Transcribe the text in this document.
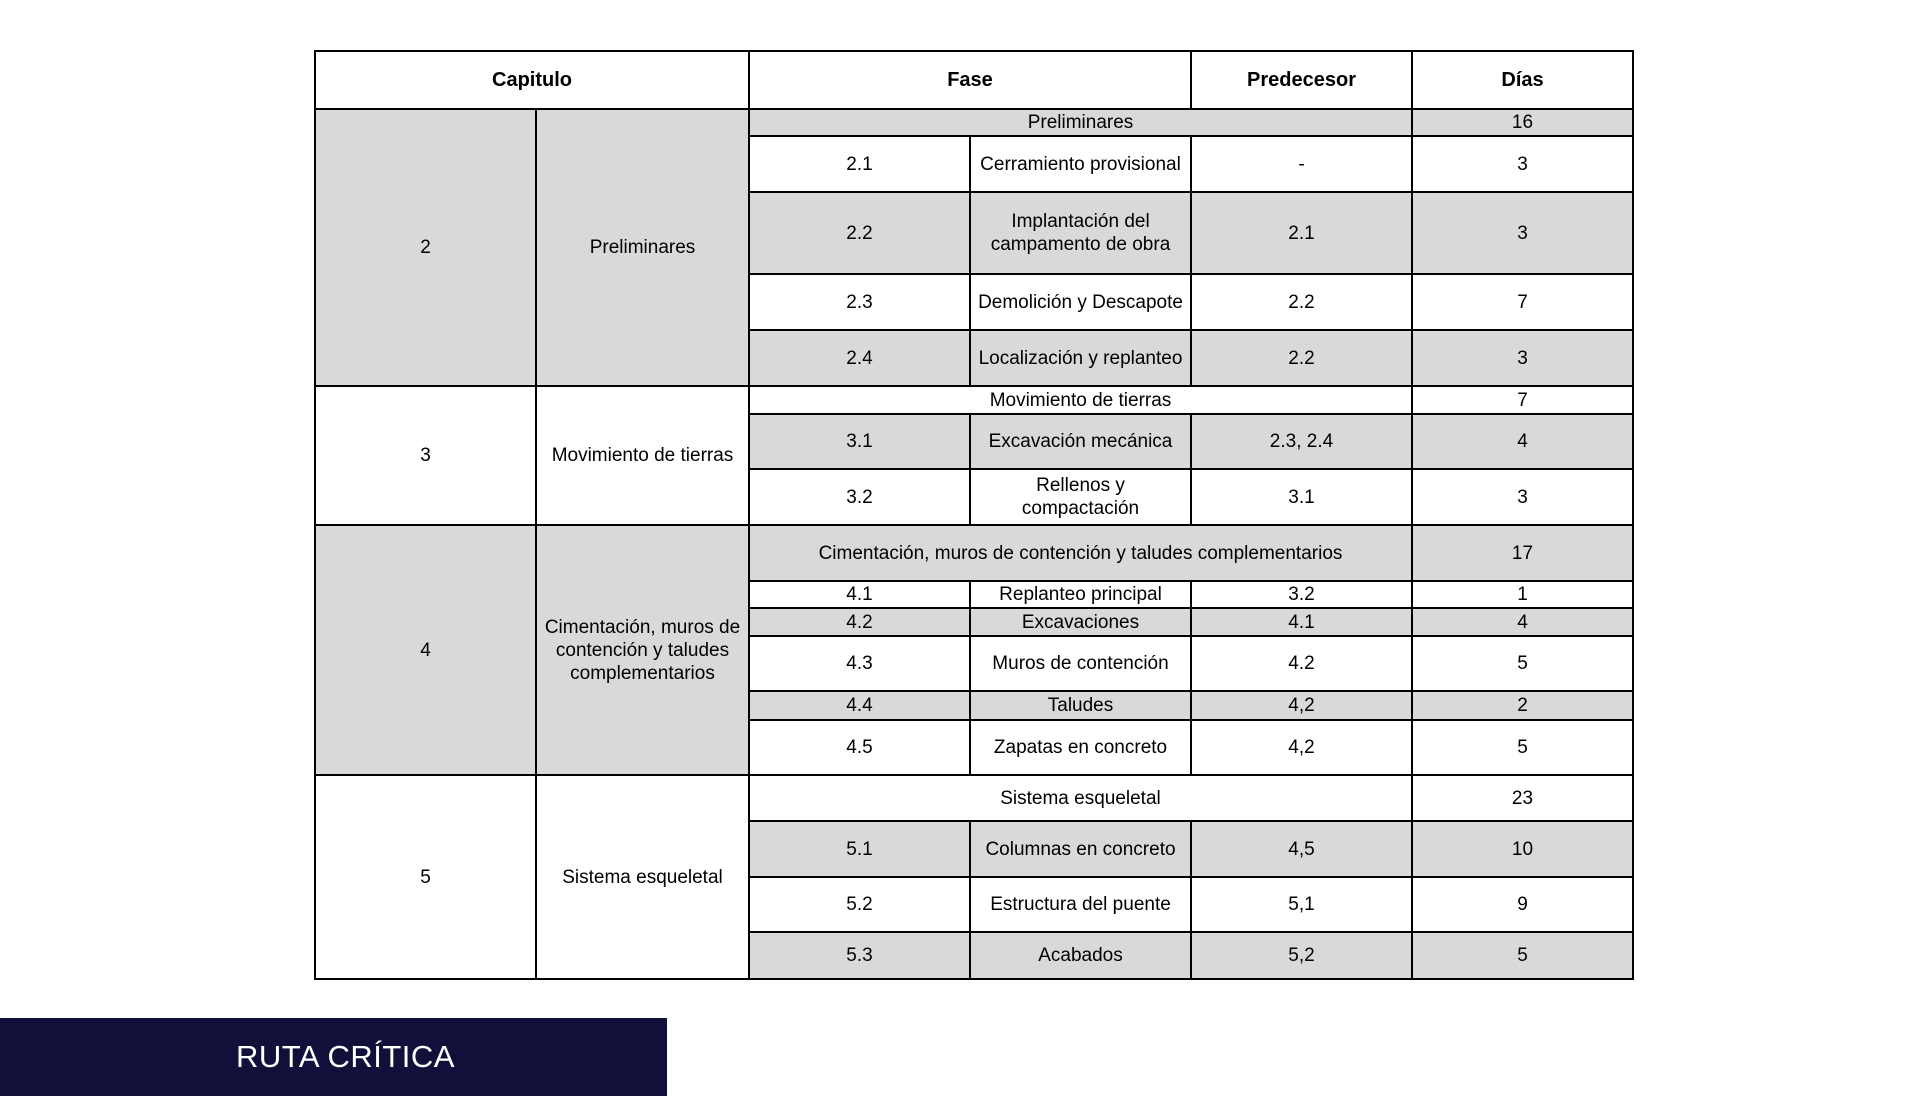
Capitulo		Fase		Predecesor	Días
2	Preliminares	Preliminares			16
		2.1	Cerramiento provisional	-	3
		2.2	Implantación del campamento de obra	2.1	3
		2.3	Demolición y Descapote	2.2	7
		2.4	Localización y replanteo	2.2	3
3	Movimiento de tierras	Movimiento de tierras			7
		3.1	Excavación mecánica	2.3, 2.4	4
		3.2	Rellenos y compactación	3.1	3
4	Cimentación, muros de contención y taludes complementarios	Cimentación, muros de contención y taludes complementarios			17
		4.1	Replanteo principal	3.2	1
		4.2	Excavaciones	4.1	4
		4.3	Muros de contención	4.2	5
		4.4	Taludes	4,2	2
		4.5	Zapatas en concreto	4,2	5
5	Sistema esqueletal	Sistema esqueletal			23
		5.1	Columnas en concreto	4,5	10
		5.2	Estructura del puente	5,1	9
		5.3	Acabados	5,2	5
RUTA CRÍTICA
